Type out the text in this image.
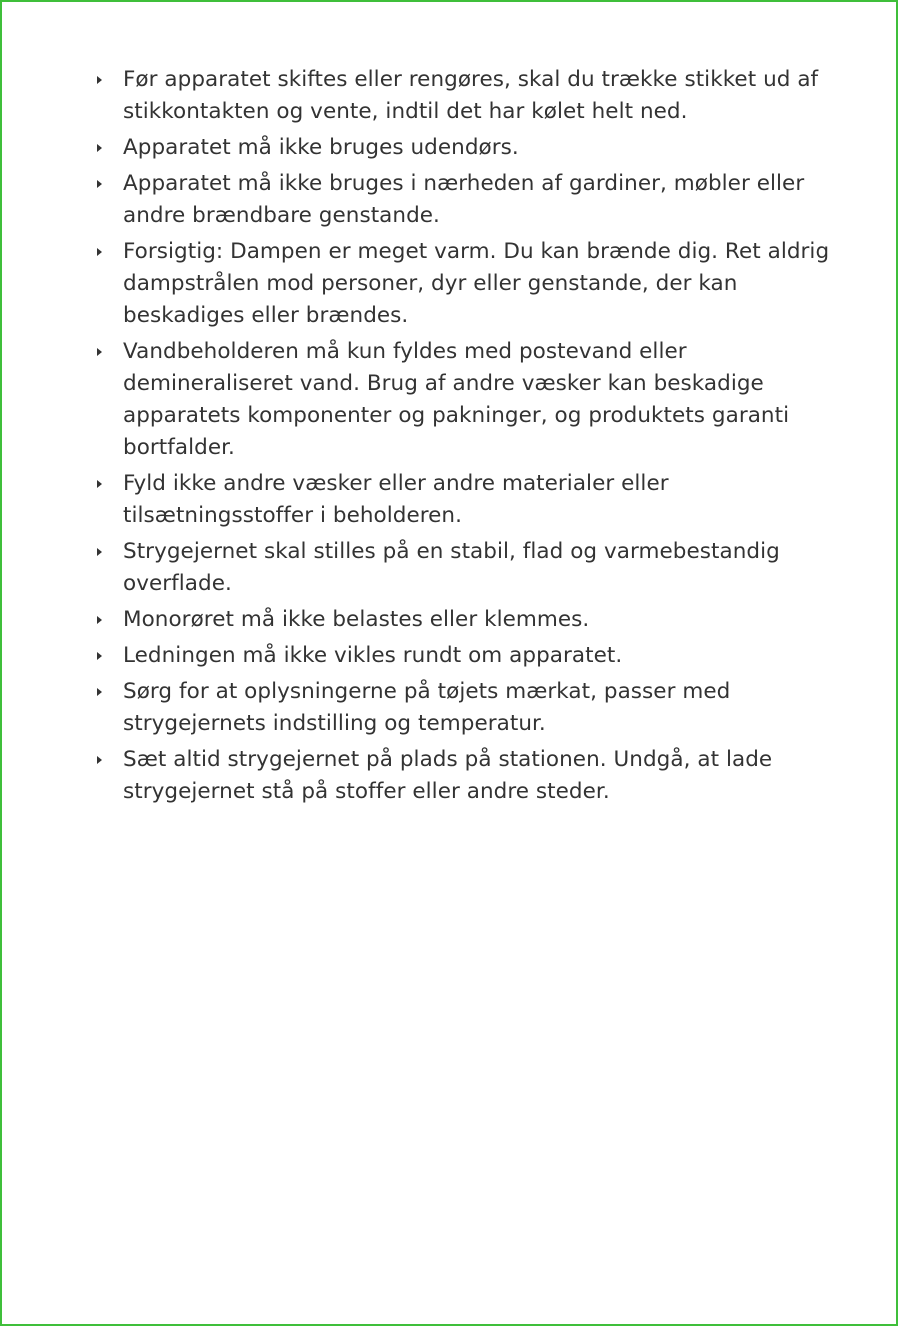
Før apparatet skiftes eller rengøres, skal du trække stikket ud af stikkontakten og vente, indtil det har kølet helt ned.
Apparatet må ikke bruges udendørs.
Apparatet må ikke bruges i nærheden af gardiner, møbler eller andre brændbare genstande.
Forsigtig: Dampen er meget varm. Du kan brænde dig. Ret aldrig dampstrålen mod personer, dyr eller genstande, der kan beskadiges eller brændes.
Vandbeholderen må kun fyldes med postevand eller demineraliseret vand. Brug af andre væsker kan beskadige apparatets komponenter og pakninger, og produktets garanti bortfalder.
Fyld ikke andre væsker eller andre materialer eller tilsætningsstoffer i beholderen.
Strygejernet skal stilles på en stabil, flad og varmebestandig overflade.
Monorøret må ikke belastes eller klemmes.
Ledningen må ikke vikles rundt om apparatet.
Sørg for at oplysningerne på tøjets mærkat, passer med strygejernets indstilling og temperatur.
Sæt altid strygejernet på plads på stationen. Undgå, at lade strygejernet stå på stoffer eller andre steder.
